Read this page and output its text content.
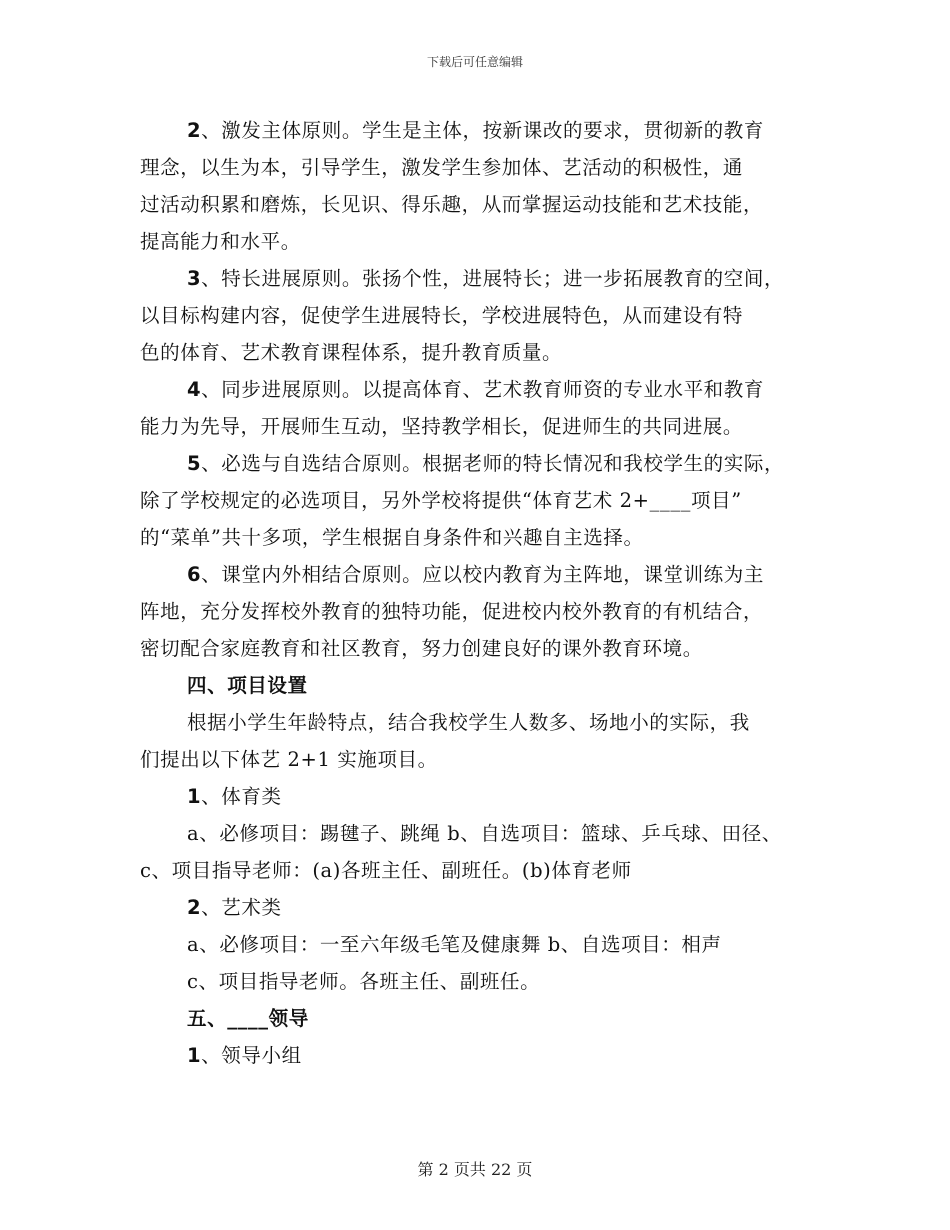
下载后可任意编辑

2、激发主体原则。学生是主体，按新课改的要求，贯彻新的教育
理念，以生为本，引导学生，激发学生参加体、艺活动的积极性，通
过活动积累和磨炼，长见识、得乐趣，从而掌握运动技能和艺术技能，
提高能力和水平。

3、特长进展原则。张扬个性，进展特长；进一步拓展教育的空间，
以目标构建内容，促使学生进展特长，学校进展特色，从而建设有特
色的体育、艺术教育课程体系，提升教育质量。

4、同步进展原则。以提高体育、艺术教育师资的专业水平和教育
能力为先导，开展师生互动，坚持教学相长，促进师生的共同进展。

5、必选与自选结合原则。根据老师的特长情况和我校学生的实际，
除了学校规定的必选项目，另外学校将提供“体育艺术 2+____项目”
的“菜单”共十多项，学生根据自身条件和兴趣自主选择。

6、课堂内外相结合原则。应以校内教育为主阵地，课堂训练为主
阵地，充分发挥校外教育的独特功能，促进校内校外教育的有机结合，
密切配合家庭教育和社区教育，努力创建良好的课外教育环境。

四、项目设置

根据小学生年龄特点，结合我校学生人数多、场地小的实际，我
们提出以下体艺 2+1 实施项目。

1、体育类

a、必修项目：踢毽子、跳绳 b、自选项目：篮球、乒乓球、田径、
c、项目指导老师：(a)各班主任、副班任。(b)体育老师

2、艺术类

a、必修项目：一至六年级毛笔及健康舞 b、自选项目：相声
c、项目指导老师。各班主任、副班任。

五、____领导

1、领导小组

第 2 页共 22 页
